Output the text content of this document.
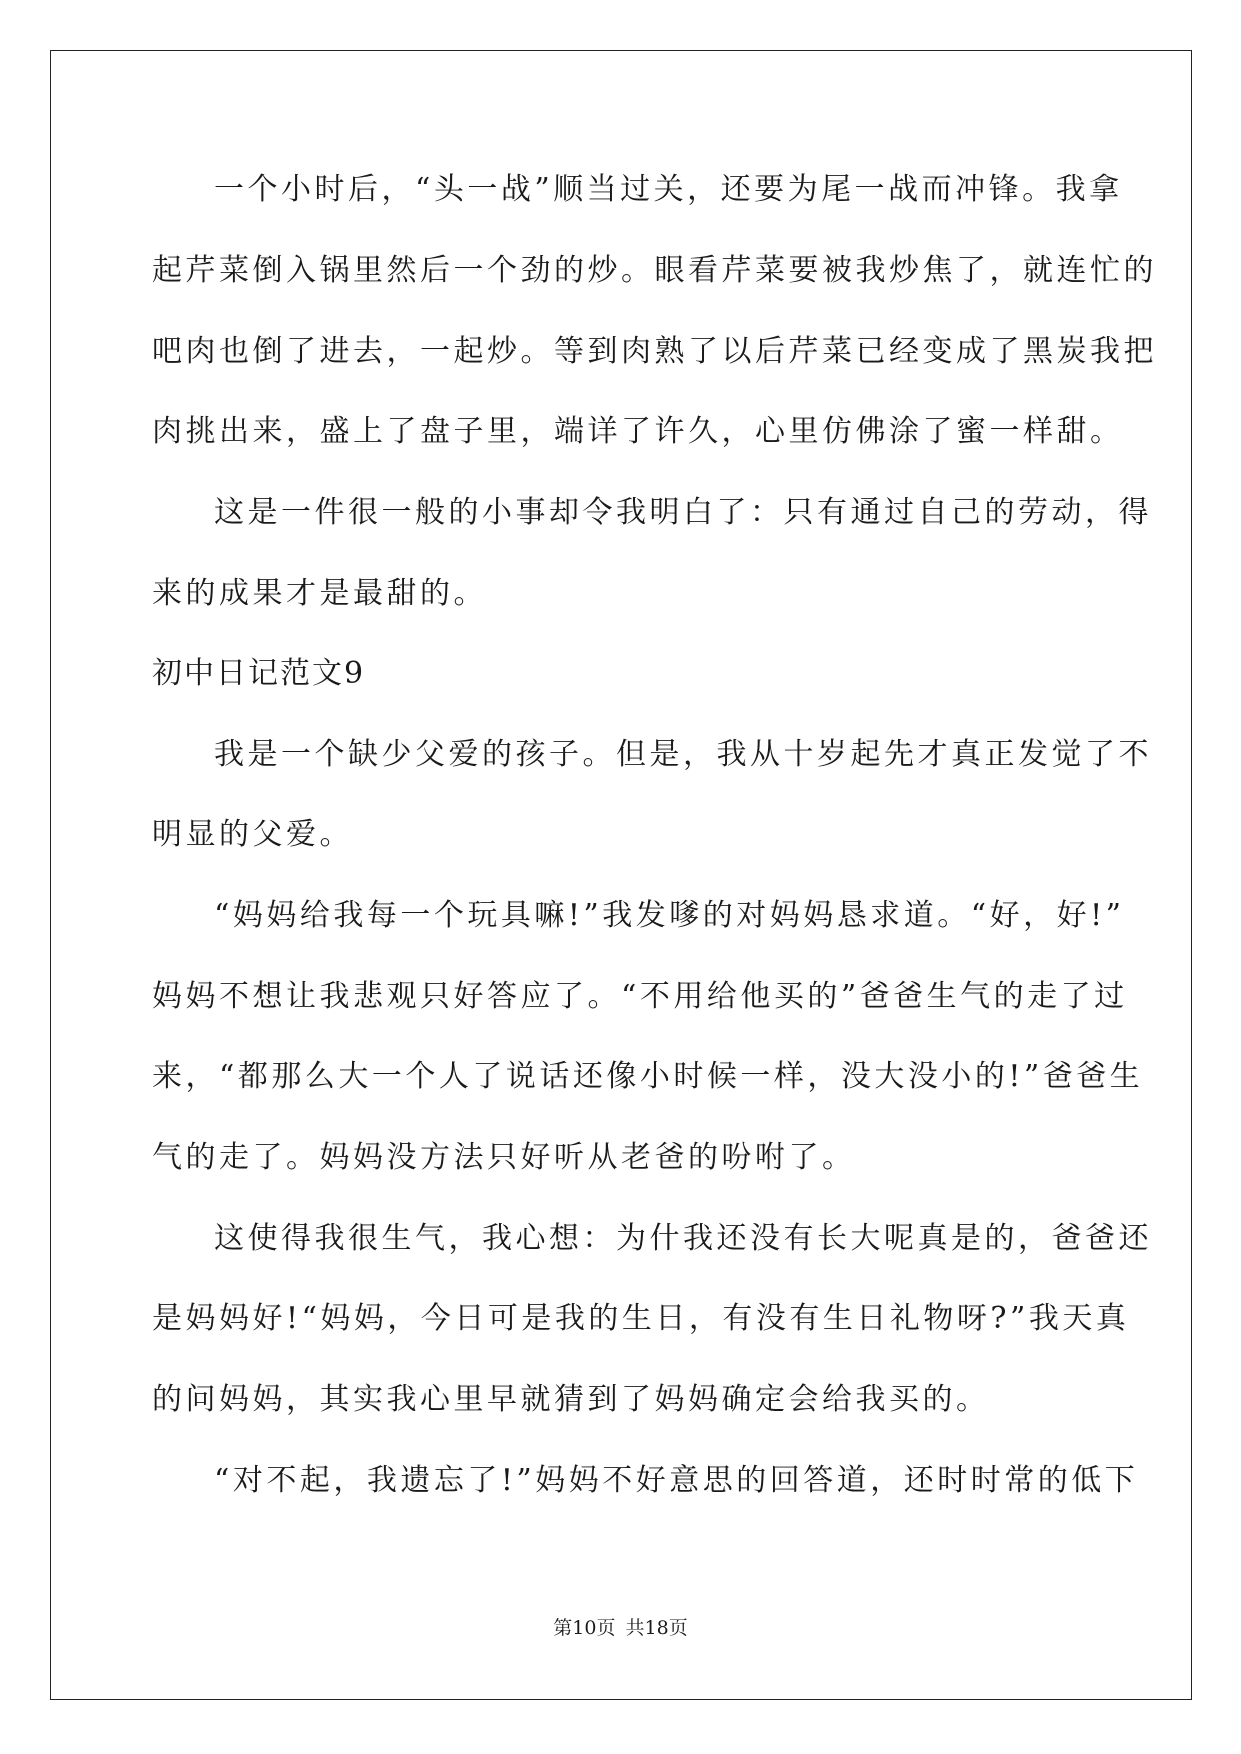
一个小时后，“头一战”顺当过关，还要为尾一战而冲锋。我拿
起芹菜倒入锅里然后一个劲的炒。眼看芹菜要被我炒焦了，就连忙的
吧肉也倒了进去，一起炒。等到肉熟了以后芹菜已经变成了黑炭我把
肉挑出来，盛上了盘子里，端详了许久，心里仿佛涂了蜜一样甜。
这是一件很一般的小事却令我明白了：只有通过自己的劳动，得
来的成果才是最甜的。
初中日记范文9
我是一个缺少父爱的孩子。但是，我从十岁起先才真正发觉了不
明显的父爱。
“妈妈给我每一个玩具嘛!”我发嗲的对妈妈恳求道。“好，好!”
妈妈不想让我悲观只好答应了。“不用给他买的”爸爸生气的走了过
来，“都那么大一个人了说话还像小时候一样，没大没小的!”爸爸生
气的走了。妈妈没方法只好听从老爸的吩咐了。
这使得我很生气，我心想：为什我还没有长大呢真是的，爸爸还
是妈妈好!“妈妈，今日可是我的生日，有没有生日礼物呀?”我天真
的问妈妈，其实我心里早就猜到了妈妈确定会给我买的。
“对不起，我遗忘了!”妈妈不好意思的回答道，还时时常的低下
第10页 共18页
